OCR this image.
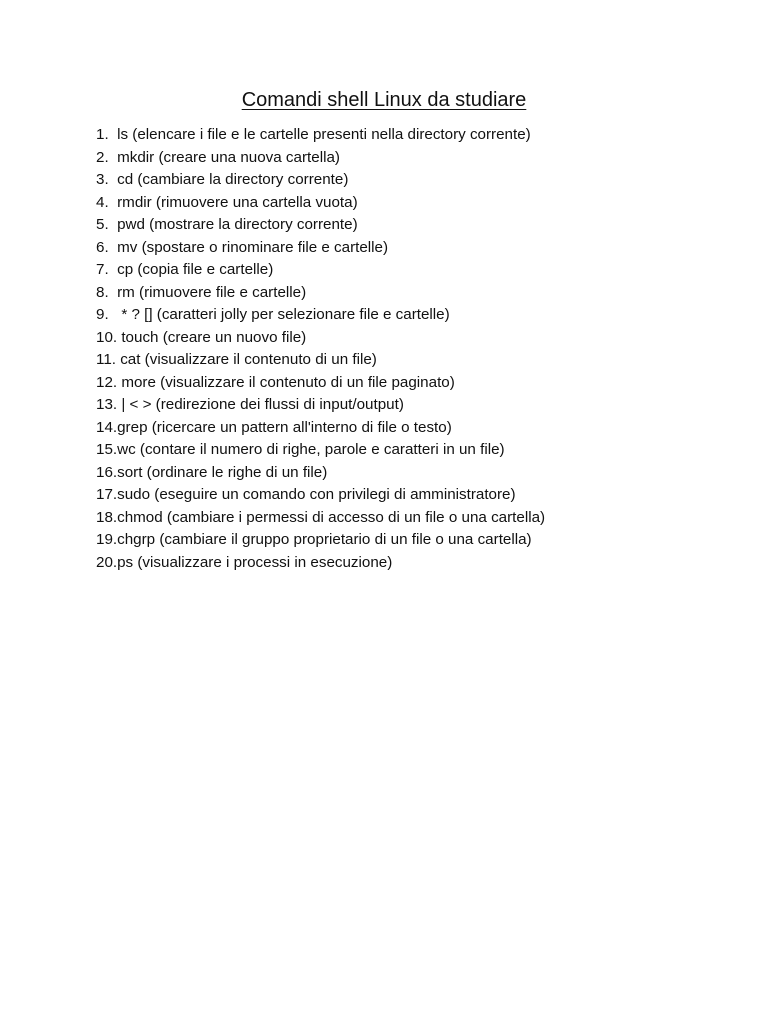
Comandi shell Linux da studiare
1.  ls (elencare i file e le cartelle presenti nella directory corrente)
2.  mkdir (creare una nuova cartella)
3.  cd (cambiare la directory corrente)
4.  rmdir (rimuovere una cartella vuota)
5.  pwd (mostrare la directory corrente)
6.  mv (spostare o rinominare file e cartelle)
7.  cp (copia file e cartelle)
8.  rm (rimuovere file e cartelle)
9.   * ? [] (caratteri jolly per selezionare file e cartelle)
10. touch (creare un nuovo file)
11. cat (visualizzare il contenuto di un file)
12. more (visualizzare il contenuto di un file paginato)
13. | < > (redirezione dei flussi di input/output)
14.grep (ricercare un pattern all'interno di file o testo)
15.wc (contare il numero di righe, parole e caratteri in un file)
16.sort (ordinare le righe di un file)
17.sudo (eseguire un comando con privilegi di amministratore)
18.chmod (cambiare i permessi di accesso di un file o una cartella)
19.chgrp (cambiare il gruppo proprietario di un file o una cartella)
20.ps (visualizzare i processi in esecuzione)
